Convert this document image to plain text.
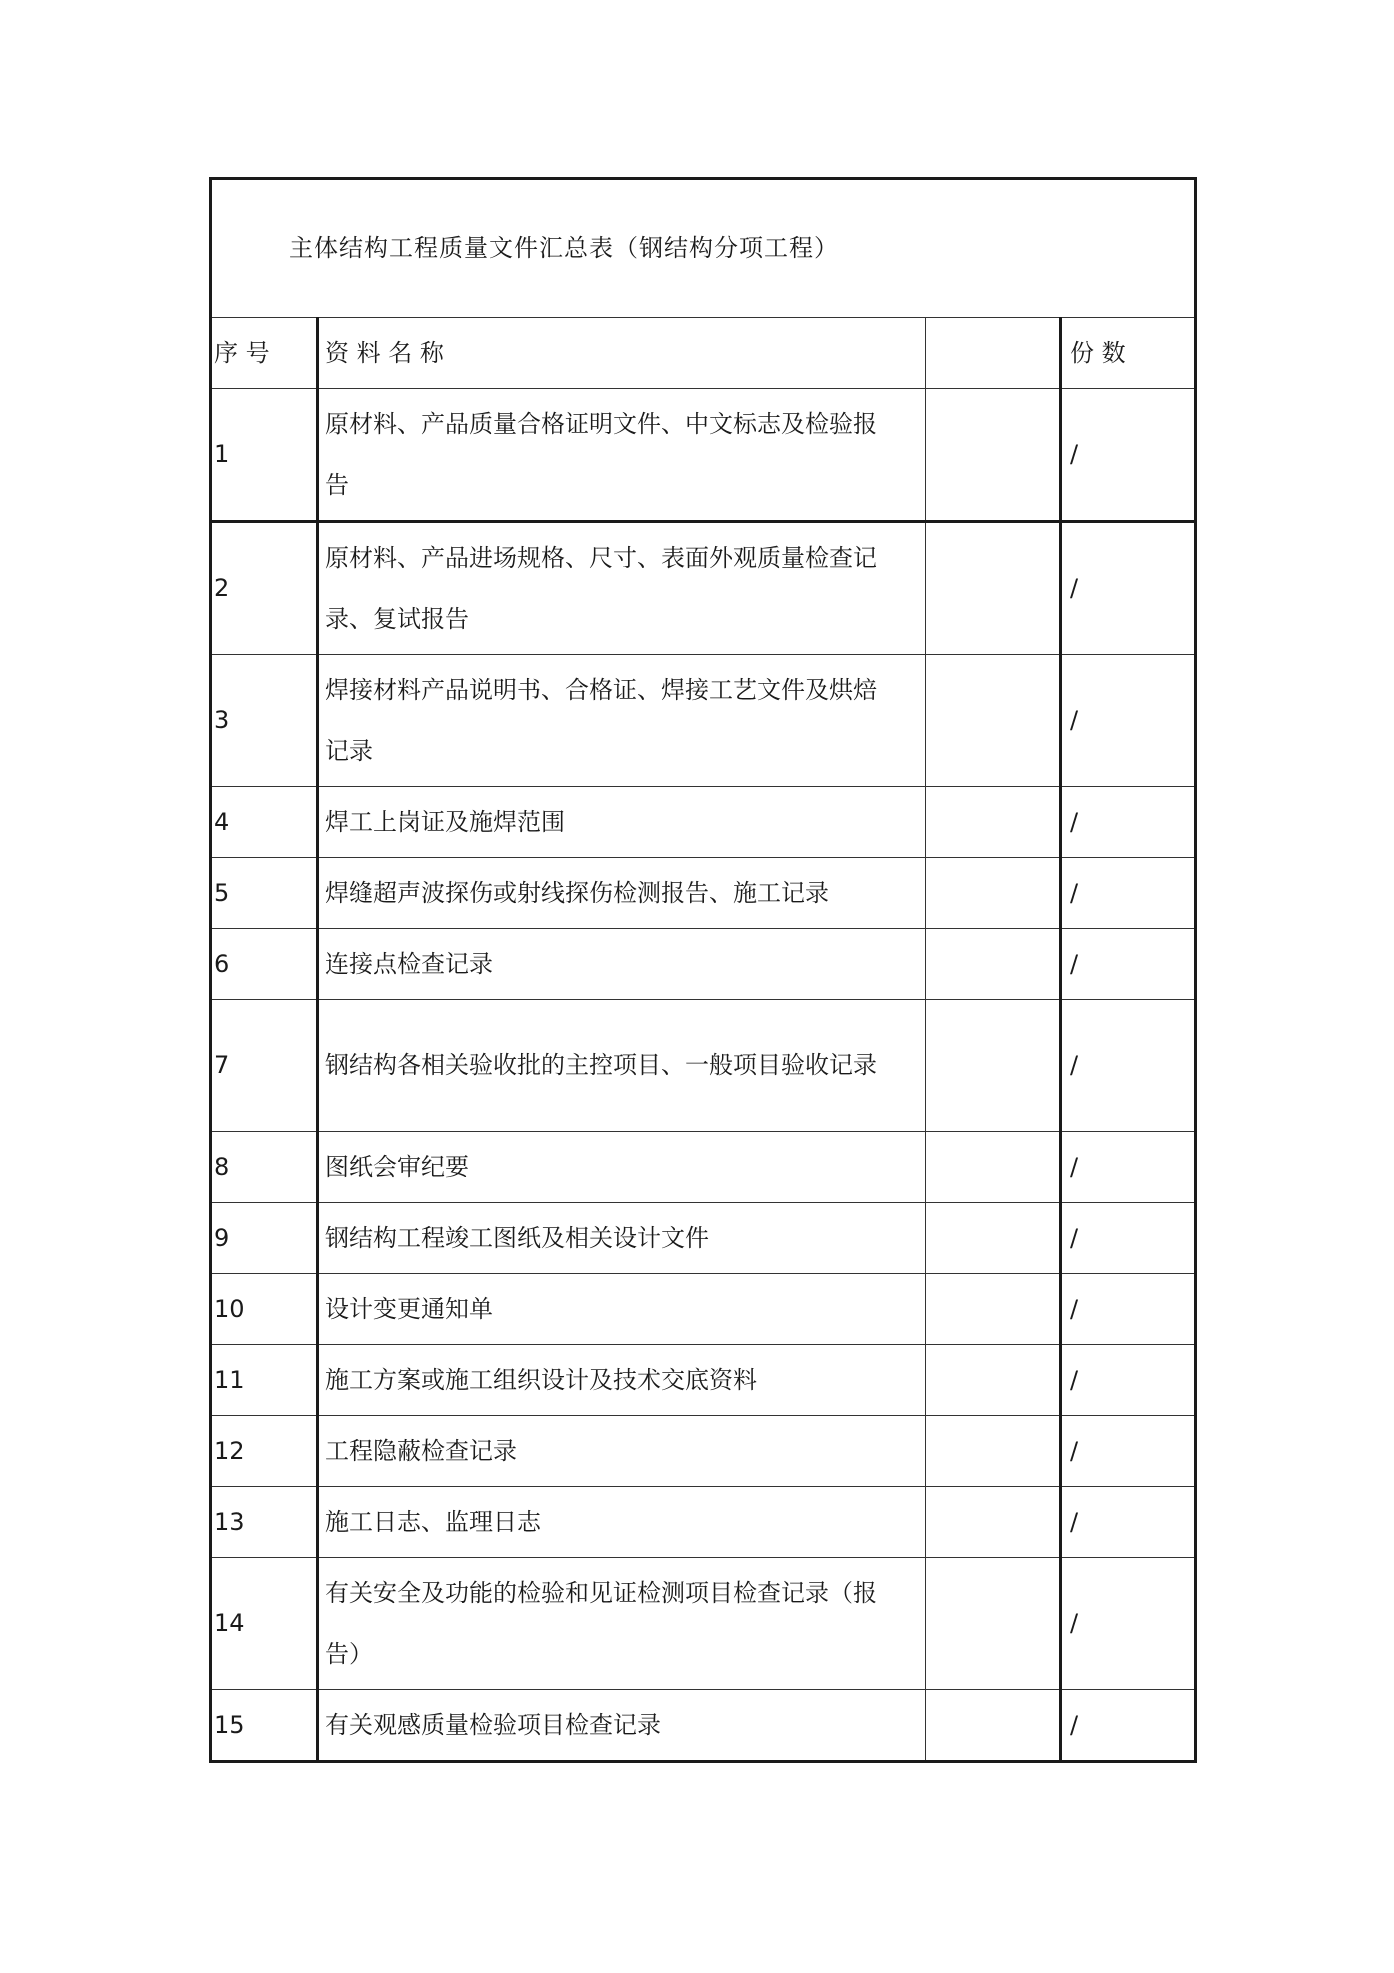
主体结构工程质量文件汇总表（钢结构分项工程）			
序 号	资 料 名 称		份 数
1	原材料、产品质量合格证明文件、中文标志及检验报告		/
2	原材料、产品进场规格、尺寸、表面外观质量检查记录、复试报告		/
3	焊接材料产品说明书、合格证、焊接工艺文件及烘焙记录		/
4	焊工上岗证及施焊范围		/
5	焊缝超声波探伤或射线探伤检测报告、施工记录		/
6	连接点检查记录		/
7	钢结构各相关验收批的主控项目、一般项目验收记录		/
8	图纸会审纪要		/
9	钢结构工程竣工图纸及相关设计文件		/
10	设计变更通知单		/
11	施工方案或施工组织设计及技术交底资料		/
12	工程隐蔽检查记录		/
13	施工日志、监理日志		/
14	有关安全及功能的检验和见证检测项目检查记录（报告）		/
15	有关观感质量检验项目检查记录		/
